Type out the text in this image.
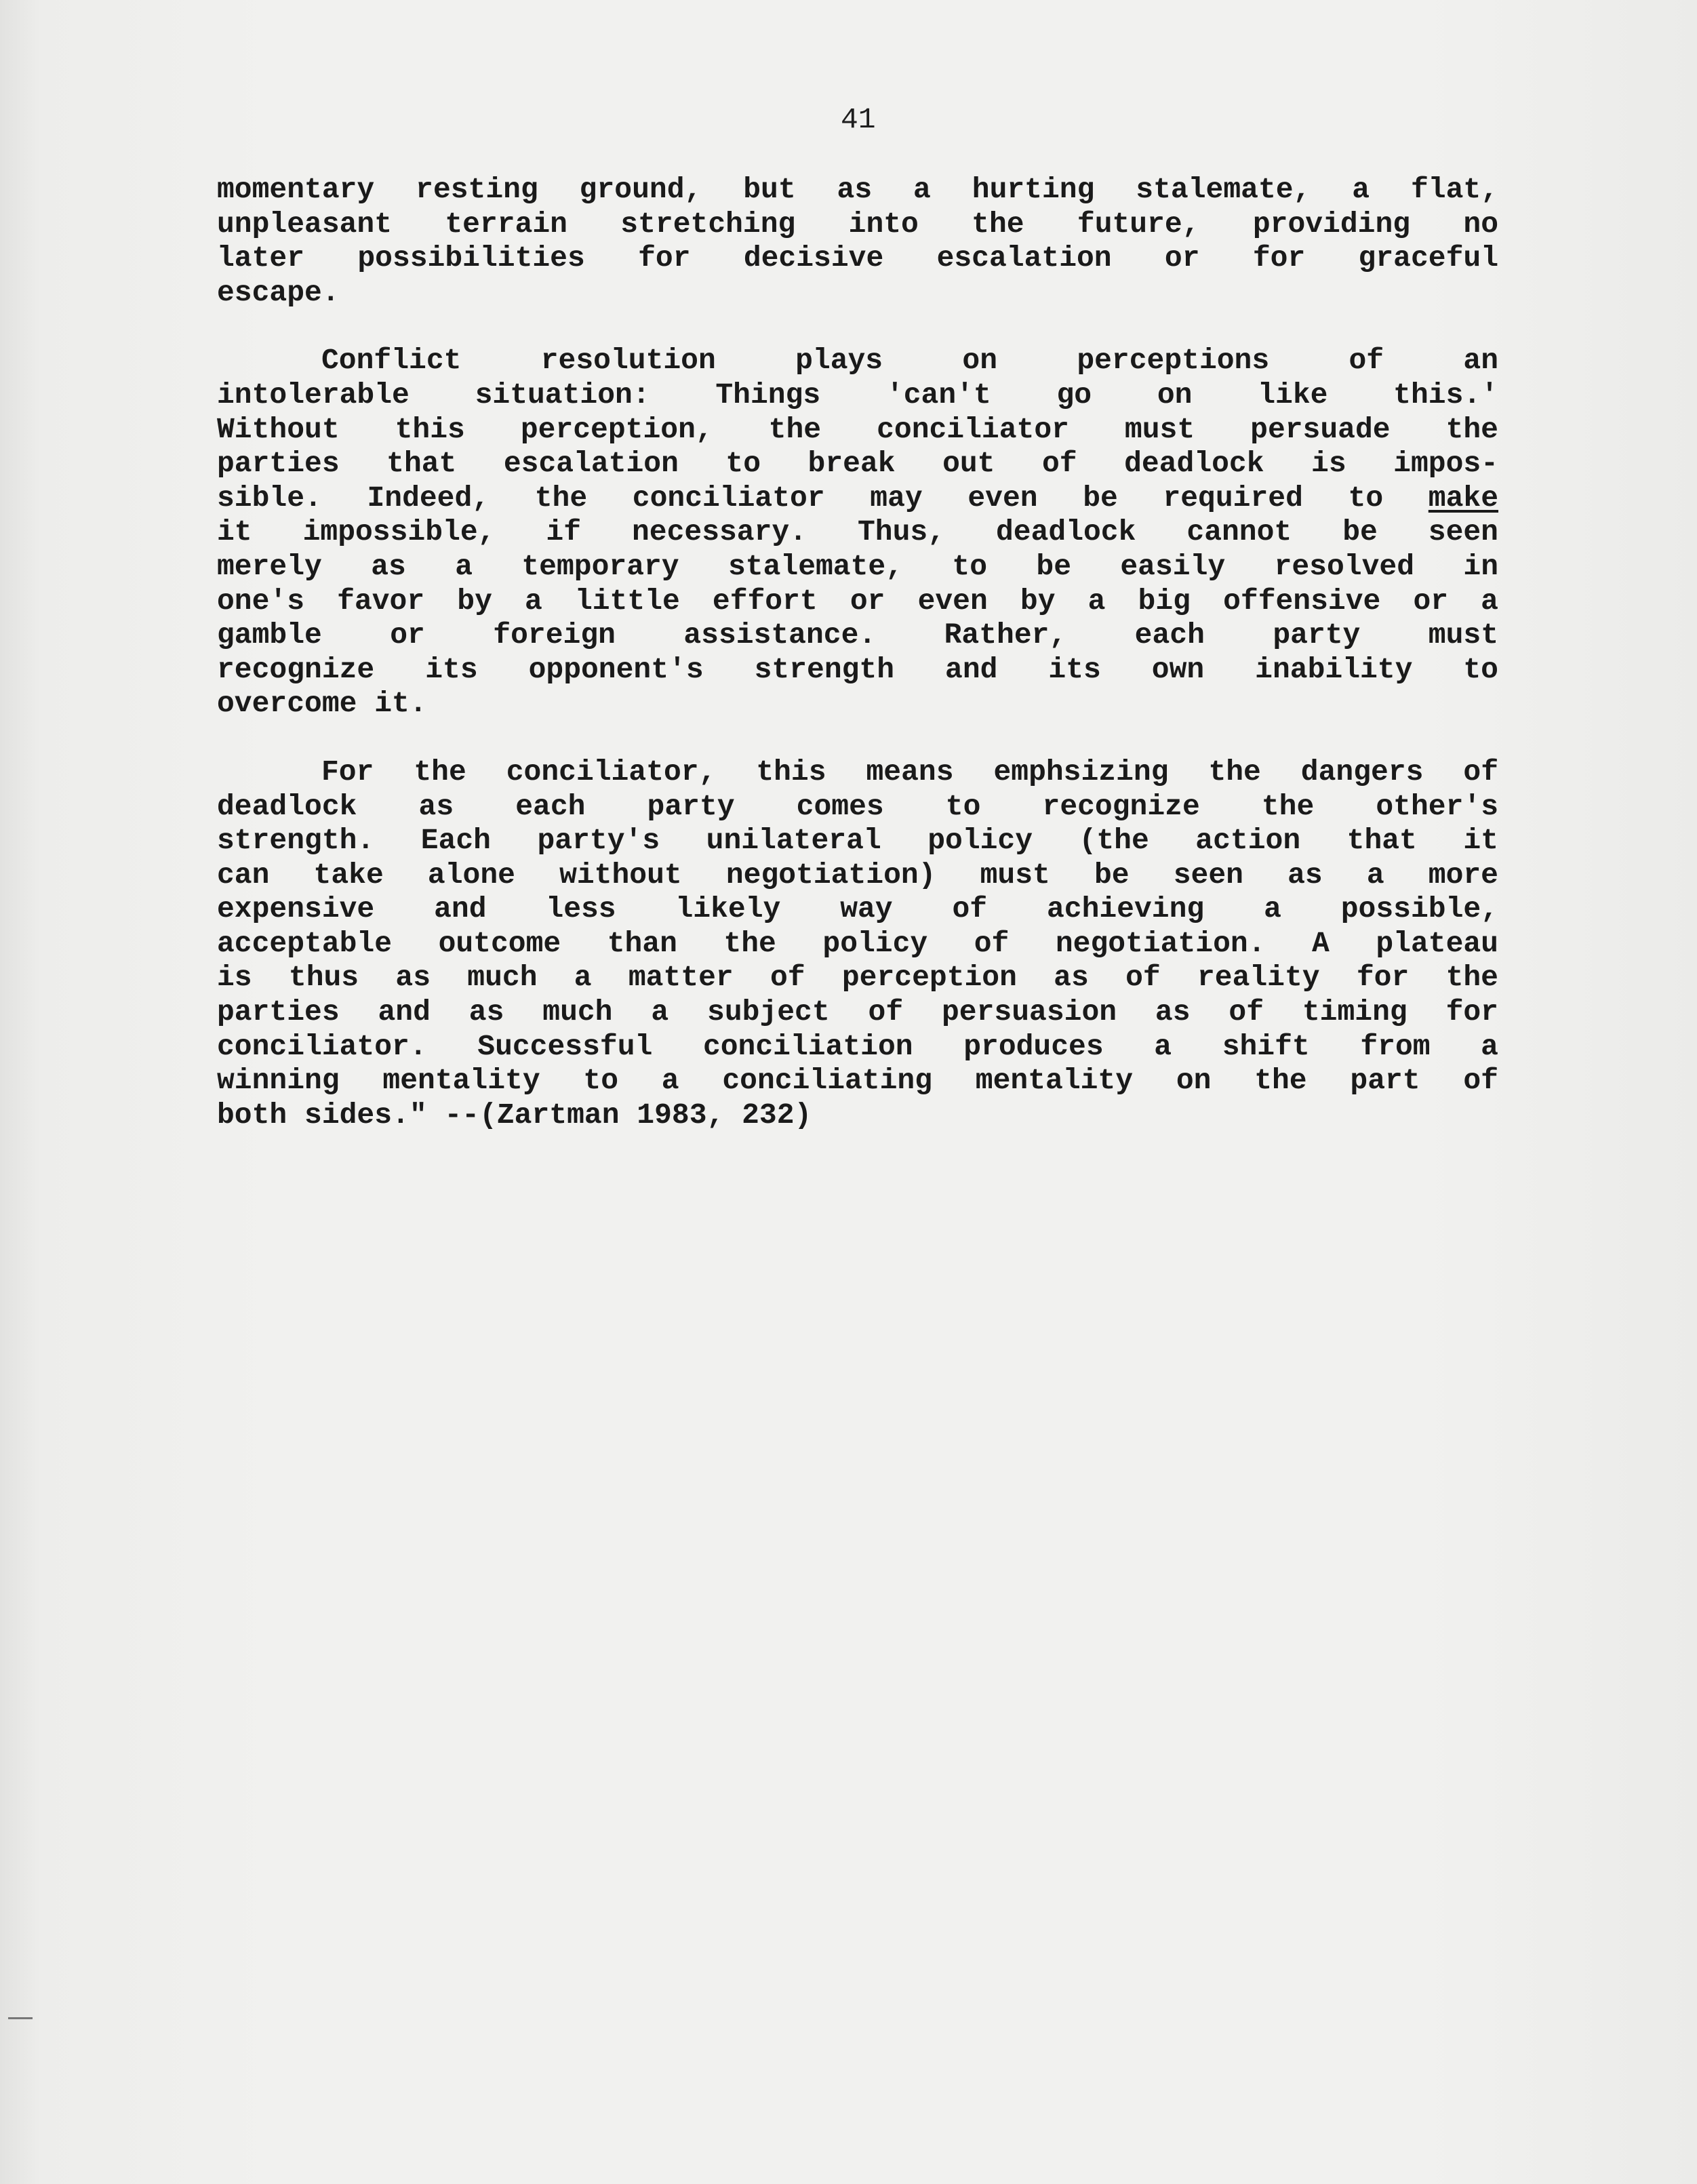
41
momentary resting ground, but as a hurting stalemate, a flat,
unpleasant terrain stretching into the future, providing no
later possibilities for decisive escalation or for graceful
escape.
Conflict resolution plays on perceptions of an
intolerable situation: Things 'can't go on like this.'
Without this perception, the conciliator must persuade the
parties that escalation to break out of deadlock is impos-
sible. Indeed, the conciliator may even be required to make
it impossible, if necessary. Thus, deadlock cannot be seen
merely as a temporary stalemate, to be easily resolved in
one's favor by a little effort or even by a big offensive or a
gamble or foreign assistance. Rather, each party must
recognize its opponent's strength and its own inability to
overcome it.
For the conciliator, this means emphsizing the dangers of
deadlock as each party comes to recognize the other's
strength. Each party's unilateral policy (the action that it
can take alone without negotiation) must be seen as a more
expensive and less likely way of achieving a possible,
acceptable outcome than the policy of negotiation. A plateau
is thus as much a matter of perception as of reality for the
parties and as much a subject of persuasion as of timing for
conciliator. Successful conciliation produces a shift from a
winning mentality to a conciliating mentality on the part of
both sides." --(Zartman 1983, 232)
